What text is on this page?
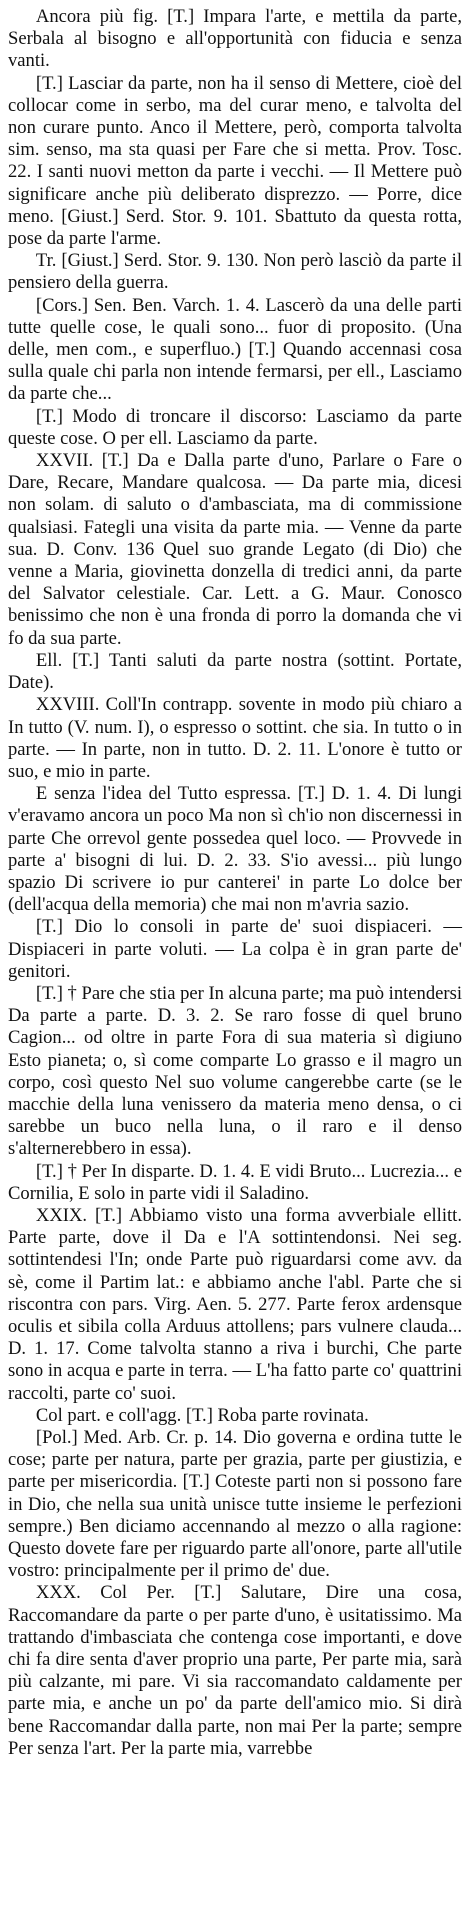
Ancora più fig. [T.] Impara l'arte, e mettila da parte, Serbala al bisogno e all'opportunità con fiducia e senza vanti.

[T.] Lasciar da parte, non ha il senso di Mettere, cioè del collocar come in serbo, ma del curar meno, e talvolta del non curare punto. Anco il Mettere, però, comporta talvolta sim. senso, ma sta quasi per Fare che si metta. Prov. Tosc. 22. I santi nuovi metton da parte i vecchi. — Il Mettere può significare anche più deliberato disprezzo. — Porre, dice meno. [Giust.] Serd. Stor. 9. 101. Sbattuto da questa rotta, pose da parte l'arme.

Tr. [Giust.] Serd. Stor. 9. 130. Non però lasciò da parte il pensiero della guerra.

[Cors.] Sen. Ben. Varch. 1. 4. Lascerò da una delle parti tutte quelle cose, le quali sono... fuor di proposito. (Una delle, men com., e superfluo.) [T.] Quando accennasi cosa sulla quale chi parla non intende fermarsi, per ell., Lasciamo da parte che...

[T.] Modo di troncare il discorso: Lasciamo da parte queste cose. O per ell. Lasciamo da parte.

XXVII. [T.] Da e Dalla parte d'uno, Parlare o Fare o Dare, Recare, Mandare qualcosa. — Da parte mia, dicesi non solam. di saluto o d'ambasciata, ma di commissione qualsiasi. Fategli una visita da parte mia. — Venne da parte sua. D. Conv. 136 Quel suo grande Legato (di Dio) che venne a Maria, giovinetta donzella di tredici anni, da parte del Salvator celestiale. Car. Lett. a G. Maur. Conosco benissimo che non è una fronda di porro la domanda che vi fo da sua parte.

Ell. [T.] Tanti saluti da parte nostra (sottint. Portate, Date).

XXVIII. Coll'In contrapp. sovente in modo più chiaro a In tutto (V. num. I), o espresso o sottint. che sia. In tutto o in parte. — In parte, non in tutto. D. 2. 11. L'onore è tutto or suo, e mio in parte.

E senza l'idea del Tutto espressa. [T.] D. 1. 4. Di lungi v'eravamo ancora un poco Ma non sì ch'io non discernessi in parte Che orrevol gente possedea quel loco. — Provvede in parte a' bisogni di lui. D. 2. 33. S'io avessi... più lungo spazio Di scrivere io pur canterei' in parte Lo dolce ber (dell'acqua della memoria) che mai non m'avria sazio.

[T.] Dio lo consoli in parte de' suoi dispiaceri. — Dispiaceri in parte voluti. — La colpa è in gran parte de' genitori.

[T.] † Pare che stia per In alcuna parte; ma può intendersi Da parte a parte. D. 3. 2. Se raro fosse di quel bruno Cagion... od oltre in parte Fora di sua materia sì digiuno Esto pianeta; o, sì come comparte Lo grasso e il magro un corpo, così questo Nel suo volume cangerebbe carte (se le macchie della luna venissero da materia meno densa, o ci sarebbe un buco nella luna, o il raro e il denso s'alternerebbero in essa).

[T.] † Per In disparte. D. 1. 4. E vidi Bruto... Lucrezia... e Cornilia, E solo in parte vidi il Saladino.

XXIX. [T.] Abbiamo visto una forma avverbiale ellitt. Parte parte, dove il Da e l'A sottintendonsi. Nei seg. sottintendesi l'In; onde Parte può riguardarsi come avv. da sè, come il Partim lat.: e abbiamo anche l'abl. Parte che si riscontra con pars. Virg. Aen. 5. 277. Parte ferox ardensque oculis et sibila colla Arduus attollens; pars vulnere clauda... D. 1. 17. Come talvolta stanno a riva i burchi, Che parte sono in acqua e parte in terra. — L'ha fatto parte co' quattrini raccolti, parte co' suoi.

Col part. e coll'agg. [T.] Roba parte rovinata.

[Pol.] Med. Arb. Cr. p. 14. Dio governa e ordina tutte le cose; parte per natura, parte per grazia, parte per giustizia, e parte per misericordia. [T.] Coteste parti non si possono fare in Dio, che nella sua unità unisce tutte insieme le perfezioni sempre.) Ben diciamo accennando al mezzo o alla ragione: Questo dovete fare per riguardo parte all'onore, parte all'utile vostro: principalmente per il primo de' due.

XXX. Col Per. [T.] Salutare, Dire una cosa, Raccomandare da parte o per parte d'uno, è usitatissimo. Ma trattando d'imbasciata che contenga cose importanti, e dove chi fa dire senta d'aver proprio una parte, Per parte mia, sarà più calzante, mi pare. Vi sia raccomandato caldamente per parte mia, e anche un po' da parte dell'amico mio. Si dirà bene Raccomandar dalla parte, non mai Per la parte; sempre Per senza l'art. Per la parte mia, varrebbe
